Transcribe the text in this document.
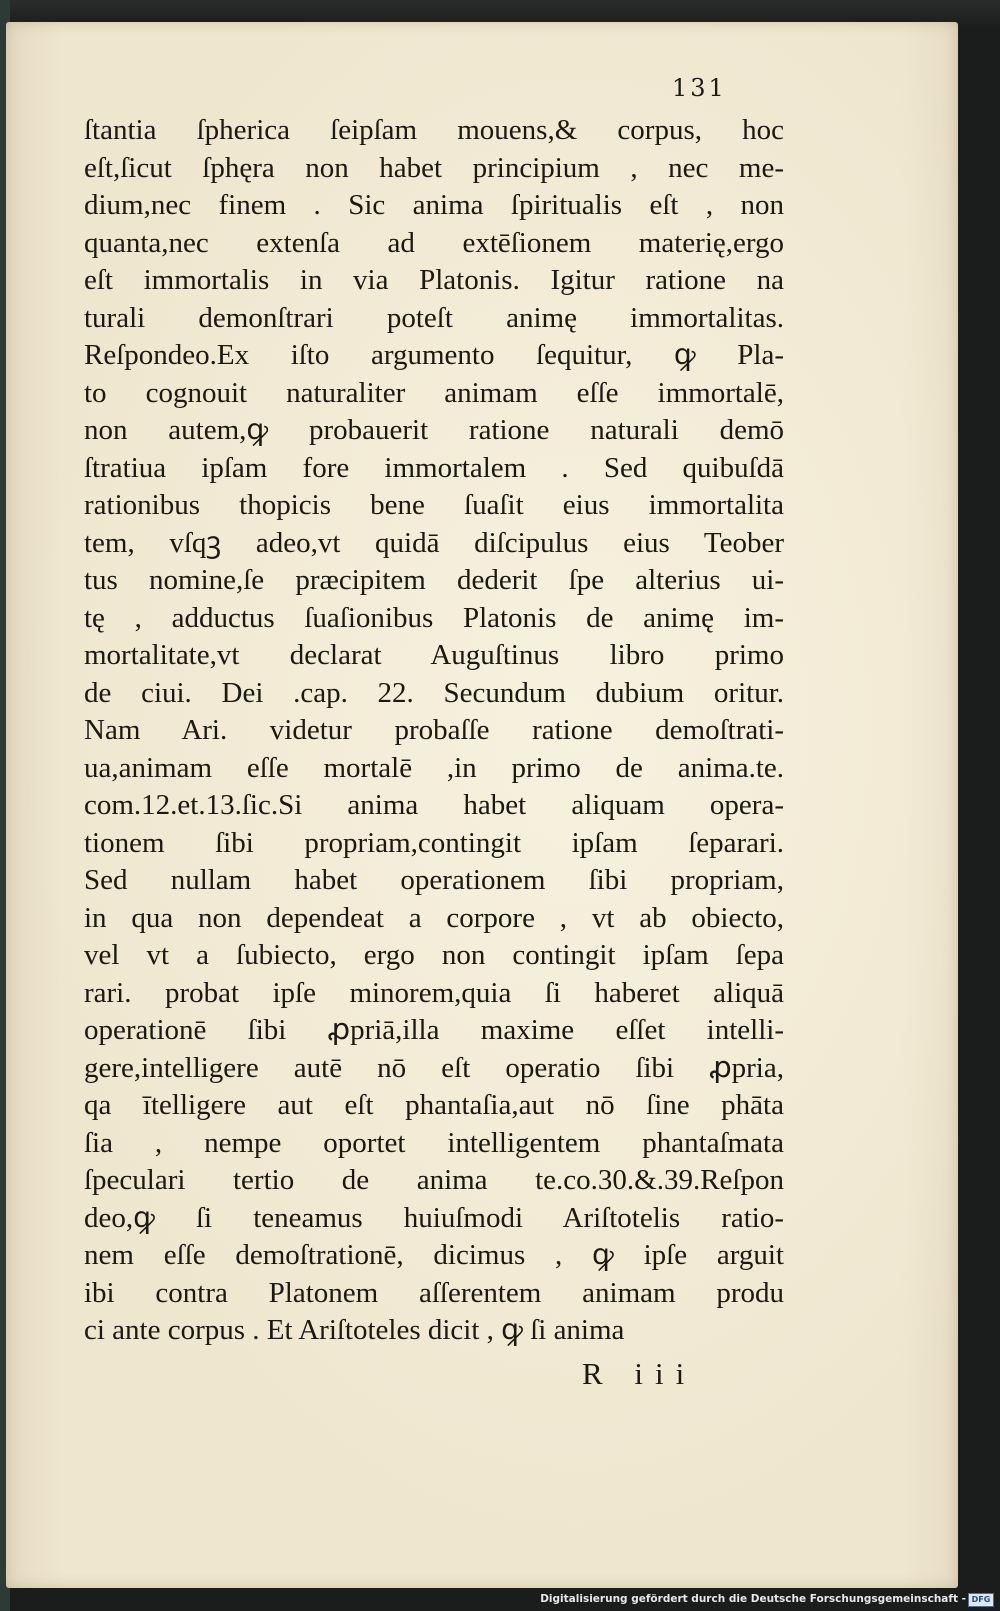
131
ſtantia ſpherica ſeipſam mouens,& corpus, hoc
eſt,ſicut ſphęra non habet principium , nec me-
dium,nec finem . Sic anima ſpiritualis eſt , non
quanta,nec extenſa ad extēſionem materię,ergo
eſt immortalis in via Platonis. Igitur ratione na
turali demonſtrari poteſt animę immortalitas.
Reſpondeo.Ex iſto argumento ſequitur, ꝙ Pla-
to cognouit naturaliter animam eſſe immortalē,
non autem,ꝙ probauerit ratione naturali demō
ſtratiua ipſam fore immortalem . Sed quibuſdā
rationibus thopicis bene ſuaſit eius immortalita
tem, vſqꝫ adeo,vt quidā diſcipulus eius Teober
tus nomine,ſe præcipitem dederit ſpe alterius ui-
tę , adductus ſuaſionibus Platonis de animę im-
mortalitate,vt declarat Auguſtinus libro primo
de ciui. Dei .cap. 22. Secundum dubium oritur.
Nam Ari. videtur probaſſe ratione demoſtrati-
ua,animam eſſe mortalē ,in primo de anima.te.
com.12.et.13.ſic.Si anima habet aliquam opera-
tionem ſibi propriam,contingit ipſam ſeparari.
Sed nullam habet operationem ſibi propriam,
in qua non dependeat a corpore , vt ab obiecto,
vel vt a ſubiecto, ergo non contingit ipſam ſepa
rari. probat ipſe minorem,quia ſi haberet aliquā
operationē ſibi ꝓpriā,illa maxime eſſet intelli-
gere,intelligere autē nō eſt operatio ſibi ꝓpria,
qa ītelligere aut eſt phantaſia,aut nō ſine phāta
ſia , nempe oportet intelligentem phantaſmata
ſpeculari tertio de anima te.co.30.&.39.Reſpon
deo,ꝙ ſi teneamus huiuſmodi Ariſtotelis ratio-
nem eſſe demoſtrationē, dicimus , ꝙ ipſe arguit
ibi contra Platonem aſſerentem animam produ
ci ante corpus . Et Ariſtoteles dicit , ꝙ ſi anima
R iii
Digitalisierung gefördert durch die Deutsche Forschungsgemeinschaft - DFG
